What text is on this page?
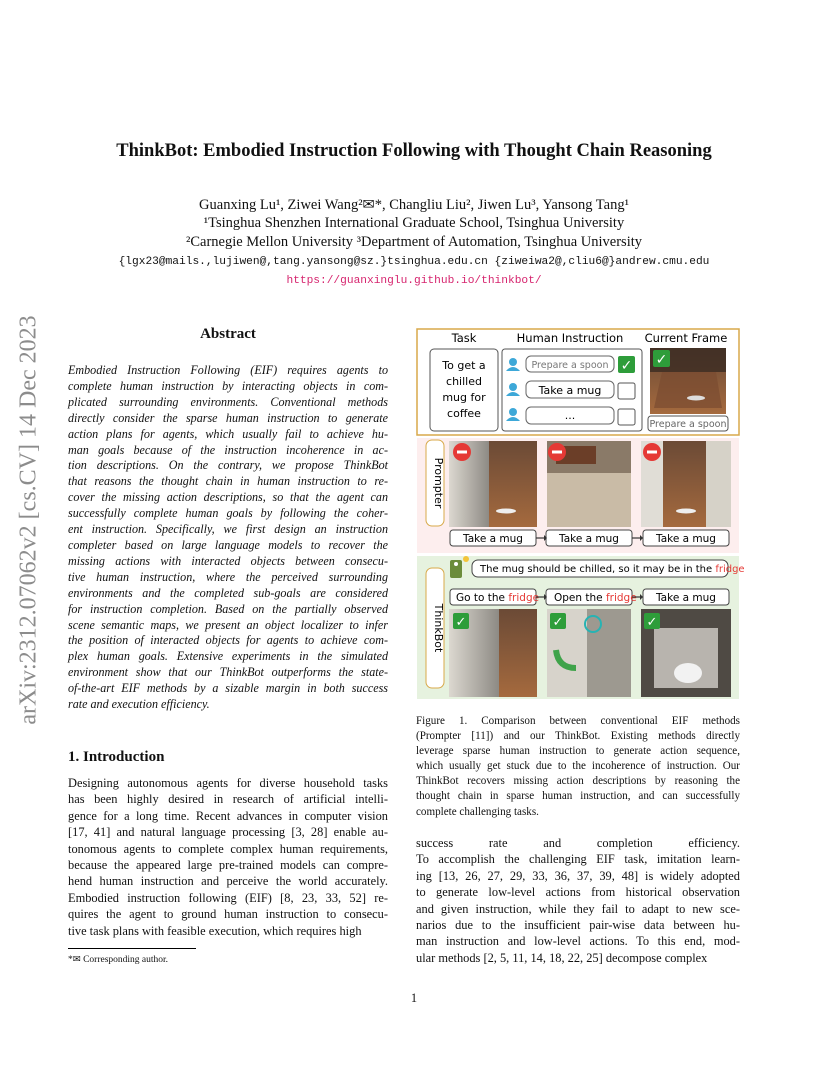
arXiv:2312.07062v2 [cs.CV] 14 Dec 2023
ThinkBot: Embodied Instruction Following with Thought Chain Reasoning
Guanxing Lu¹, Ziwei Wang²✉*, Changliu Liu², Jiwen Lu³, Yansong Tang¹
¹Tsinghua Shenzhen International Graduate School, Tsinghua University
²Carnegie Mellon University ³Department of Automation, Tsinghua University
{lgx23@mails.,lujiwen@,tang.yansong@sz.}tsinghua.edu.cn {ziweiwa2@,cliu6@}andrew.cmu.edu
https://guanxinglu.github.io/thinkbot/
Abstract
Embodied Instruction Following (EIF) requires agents to
complete human instruction by interacting objects in com-
plicated surrounding environments. Conventional methods
directly consider the sparse human instruction to generate
action plans for agents, which usually fail to achieve hu-
man goals because of the instruction incoherence in ac-
tion descriptions. On the contrary, we propose ThinkBot
that reasons the thought chain in human instruction to re-
cover the missing action descriptions, so that the agent can
successfully complete human goals by following the coher-
ent instruction. Specifically, we first design an instruction
completer based on large language models to recover the
missing actions with interacted objects between consecu-
tive human instruction, where the perceived surrounding
environments and the completed sub-goals are considered
for instruction completion. Based on the partially observed
scene semantic maps, we present an object localizer to infer
the position of interacted objects for agents to achieve com-
plex human goals. Extensive experiments in the simulated
environment show that our ThinkBot outperforms the state-
of-the-art EIF methods by a sizable margin in both success
rate and execution efficiency.
1. Introduction
Designing autonomous agents for diverse household tasks
has been highly desired in research of artificial intelli-
gence for a long time. Recent advances in computer vision
[17, 41] and natural language processing [3, 28] enable au-
tonomous agents to complete complex human requirements,
because the appeared large pre-trained models can compre-
hend human instruction and perceive the world accurately.
Embodied instruction following (EIF) [8, 23, 33, 52] re-
quires the agent to ground human instruction to consecu-
tive task plans with feasible execution, which requires high
*✉ Corresponding author.
1
Task	Human Instruction Current Frame
To get a
chilled
mug for
coffee
Prepare a spoon
Take a mug
...
✓ ✓
Prepare a spoon
Prompter
Take a mug	Take a mug	Take a mug
ThinkBot
The mug should be chilled, so it may be in the fridge
Go to the fridge Open the fridge Take a mug
✓	✓	✓
Figure 1. Comparison between conventional EIF methods
(Prompter [11]) and our ThinkBot. Existing methods directly
leverage sparse human instruction to generate action sequence,
which usually get stuck due to the incoherence of instruction. Our
ThinkBot recovers missing action descriptions by reasoning the
thought chain in sparse human instruction, and can successfully
complete challenging tasks.
success rate and completion efficiency.
To accomplish the challenging EIF task, imitation learn-
ing [13, 26, 27, 29, 33, 36, 37, 39, 48] is widely adopted
to generate low-level actions from historical observation
and given instruction, while they fail to adapt to new sce-
narios due to the insufficient pair-wise data between hu-
man instruction and low-level actions. To this end, mod-
ular methods [2, 5, 11, 14, 18, 22, 25] decompose complex
